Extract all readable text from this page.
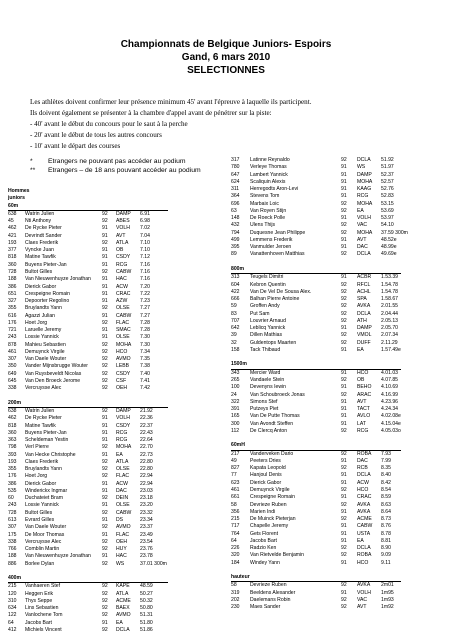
Championnats de Belgique Juniors- Espoirs
Gand, 6 mars 2010
SELECTIONNES
Les athlètes doivent confirmer leur présence minimum 45' avant l'épreuve à laquelle ils participent.
Ils doivent également se présenter à la chambre d'appel avant de pénétrer sur la piste:
- 40' avant le début du concours pour le saut à la perche
- 20' avant le début de tous les autres concours
- 10' avant le départ des courses
* Etrangers ne pouvant pas accéder au podium
** Etrangers – de 18 ans pouvant accéder au podium
Hommes
juniors
60m
638 Watrin Julien	92 DAMP 6.91
45 Nti Anthony	92 ABES 6.98
462 De Rycke Pieter	91 VOLH 7.02
421 Devrindt Sander	91 AVT	7.04
193 Claes Frederik	92 ATLA 7.10
377 Vyncke Juan	91 OB	7.10
818 Matine Tawfik	91 CSDY 7.12
360 Buyens Pieter-Jan	91 RCG 7.16
728 Bultot Gilles	92 CABW 7.16
188 Van Nieuwenhuyze Jonathan 91 HAC	7.16
386 Dierick Gabor	91 ACW 7.20
651 Crespeigne Romain	91 CRAC 7.22
327 Depoorter Regolino	91 AZW 7.23
355 Bruylandts Yann	92 OLSE 7.27
616 Agazzi Julian	91 CABW 7.27
176 Hoet Jorg	92 FLAC 7.28
721 Laruelle Jeremy	91 SMAC 7.28
243 Lossie Yannick	91 OLSE 7.30
878 Mahieu Sebastien	92 MOHA 7.30
461 Demuynck Virgile	92 HCO 7.34
307 Van Daele Wouter	92 AVMO 7.35
350 Vander Mijnsbrugge Wouter	92 LEBB 7.38
649 Van Ruysbeveldt Nicolas	92 CSDY 7.40
645 Van Den Broeck Jerome	92 CSF	7.41
338 Vercruysse Alec	92 OEH	7.42
200m
638 Watrin Julien	92 DAMP 21.92
462 De Rycke Pieter	91 VOLH 22.36
818 Matine Tawfik	91 CSDY 22.37
360 Buyens Pieter-Jan	91 RCG 22.43
363 Scheldeman Yestin	91 RCG 22.64
798 Verl Pierre	92 MOHA 22.70
393 Van Hecke Christophe	91 EA	22.73
193 Claes Frederik	92 ATLA 22.80
355 Bruylandts Yann	92 OLSE 22.80
176 Hoet Jorg	92 FLAC 22.94
386 Dierick Gabor	91 ACW 22.94
535 Winderickx Ingmar	91 DAC	23.03
60 Duchateiet Bram	92 DEIN 23.18
243 Lossie Yannick	91 OLSE 23.20
728 Bultot Gilles	92 CABW 23.32
613 Evrard Gilles	91 DS	23.34
307 Van Daele Wouter	92 AVMO 23.37
175 De Moor Thomas	91 FLAC 23.49
338 Vercruysse Alec	92 OEH	23.54
766 Comblin Martin	92 HUY	23.76
188 Van Nieuwenhuyze Jonathan 91 HAC	23.78
886 Borlee Dylan	92 WS	37.01 300m
400m
215 Vanhaeren Stef	92 KAPE 48.59
120 Heggen Erik	92 ATLA 50.27
310 Thys Seppe	92 ACME 50.32
634 Lins Sebastien	92 BAEX 50.80
122 Vanlochene Tom	92 AVMO 51.31
64 Jacobs Bart	91 EA	51.80
412 Michiels Vincent	92 DCLA 51.86
317 Latinne Reynaldo	92 DCLA 51.92
780 Verleye Thomas	91 WS	51.97
647 Lambert Yannick	91 DAMP 52.37
624 Scaliquin Alexis	91 MOHA 52.57
311 Herregodts Aron-Levi	91 KAAG 52.76
364 Stevens Tom	91 RCG 52.83
696 Marbaix Loic	92 MOHA 53.15
63	Van Royen Stijn	92 EA	53.69
148 De Roeck Polle	91 VOLH 53.97
432 Ulens Thijs	92 VAC	54.10
794 Duquesne Jean Philippe	92 MOHA 37.59 300m
499 Lemmens Frederik	91 AVT	48.52e
395 Vanmulder Jeroen	91 DAC	48.99e
89	Vanattenhoven Matthias	92 DCLA 49.69e
800m
313 Teugels Dimitri	91 ACBR 1.53.39
604 Kebron Quentin	92 RFCL 1.54.78
422 Van De Vel De Sousa Alex.	92 ACHL 1.54.78
666 Balhan Pierre Antoine	92 SPA	1.58.67
59	Groffen Andy	92 AVKA 2.01.55
83	Put Sam	92 DCLA 2.04.44
707 Louvrier Arnaud	92 ATH	2.05.13
642 Leblicq Yannick	91 DAMP 2.05.70
39	Dillen Mathias	92 VMOL 2.07.34
32	Guldentops Maarten	92 DUFF 2.11.29
158 Tack Thibaud	91 EA	1.57.49e
1500m
343 Mercier Ward	91 HCO 4.01.03
265 Vandaele Stein	92 OB	4.07.85
100 Devenyns Iewin	91 BEHO 4.10.69
24	Van Schoubroeck Jonas	92 ARAC 4.16.99
322 Simons Stef	91 AVT	4.23.96
391 Putzeys Piet	91 TACT 4.24.34
165 Van De Putte Thomas	91 AVLO 4.02.08e
300 Van Avondt Steffen	91 LAT	4.15.04e
112 De Clercq Anton	92 RCG 4.05.03o
60mH
217 Vanderveken Dario	92 ROBA 7.93
49	Peeters Dries	91 DAC	7.99
827 Kapata Leopold	92 RCB	8.35
77	Hanjoul Denis	91 DCLA 8.40
623 Dierick Gabor	91 ACW 8.42
461 Demuynck Virgile	92 HCO 8.54
661 Crespeigne Romain	91 CRAC 8.59
58	Devrieze Ruben	92 AVKA 8.63
356 Marien Indi	91 AVKA 8.64
215 De Muinck Pieterjan	92 ACME 8.73
717 Chapelle Jeremy	91 CABW 8.76
764 Gets Florent	91 USTA 8.78
64	Jacobs Bart	91 EA	8.81
226 Radzio Ken	92 DCLA 8.90
320 Van Rietvelde Benjamin	92 ROBA 9.09
184 Windey Yann	91 HCO 9.11
hauteur
58	Devrieze Ruben	92 AVKA 2m01
319 Beeldens Alexander	91 VOLH 1m95
202 Daelemans Robin	92 VAC	1m93
230 Maes Sander	92 AVT	1m92
